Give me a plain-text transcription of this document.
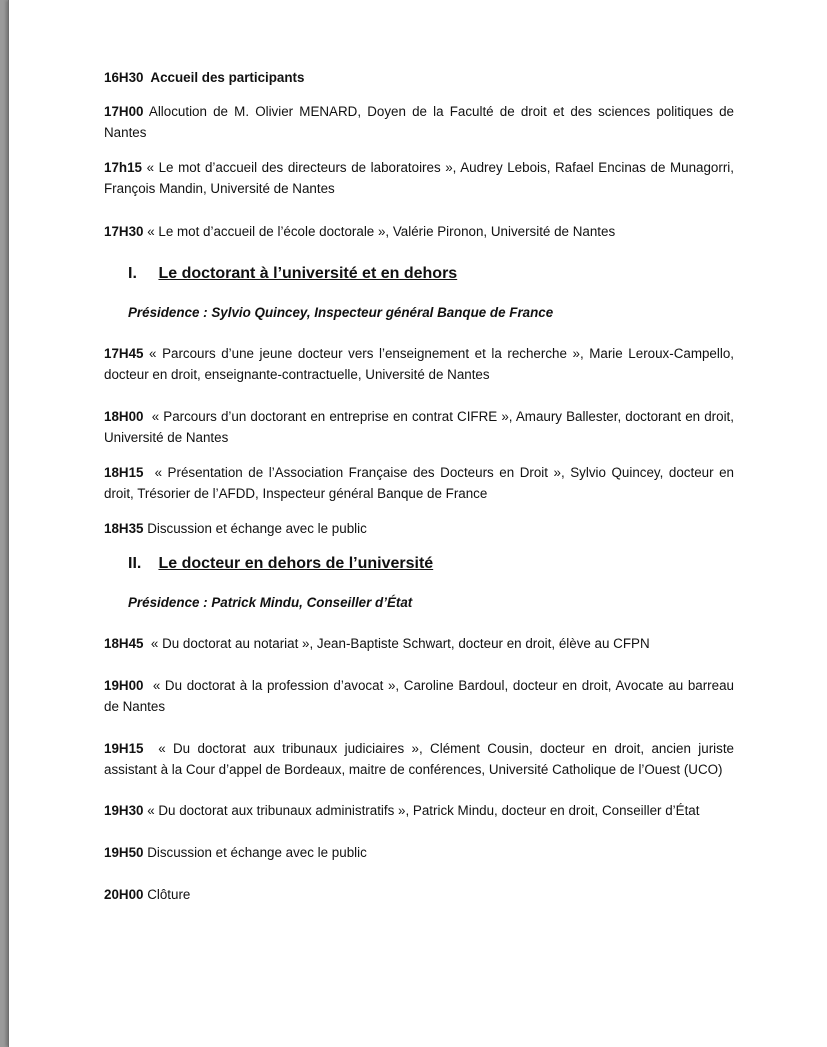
16H30 Accueil des participants

17H00 Allocution de M. Olivier MENARD, Doyen de la Faculté de droit et des sciences politiques de Nantes

17h15 « Le mot d’accueil des directeurs de laboratoires », Audrey Lebois, Rafael Encinas de Munagorri, François Mandin, Université de Nantes

17H30 « Le mot d’accueil de l’école doctorale », Valérie Pironon, Université de Nantes

I. Le doctorant à l’université et en dehors

Présidence : Sylvio Quincey, Inspecteur général Banque de France

17H45 « Parcours d’une jeune docteur vers l’enseignement et la recherche », Marie Leroux-Campello, docteur en droit, enseignante-contractuelle, Université de Nantes

18H00 « Parcours d’un doctorant en entreprise en contrat CIFRE », Amaury Ballester, doctorant en droit, Université de Nantes

18H15 « Présentation de l’Association Française des Docteurs en Droit », Sylvio Quincey, docteur en droit, Trésorier de l’AFDD, Inspecteur général Banque de France

18H35 Discussion et échange avec le public

II. Le docteur en dehors de l’université

Présidence : Patrick Mindu, Conseiller d’État

18H45 « Du doctorat au notariat », Jean-Baptiste Schwart, docteur en droit, élève au CFPN

19H00 « Du doctorat à la profession d’avocat », Caroline Bardoul, docteur en droit, Avocate au barreau de Nantes

19H15 « Du doctorat aux tribunaux judiciaires », Clément Cousin, docteur en droit, ancien juriste assistant à la Cour d’appel de Bordeaux, maitre de conférences, Université Catholique de l’Ouest (UCO)

19H30 « Du doctorat aux tribunaux administratifs », Patrick Mindu, docteur en droit, Conseiller d’État

19H50 Discussion et échange avec le public

20H00 Clôture
